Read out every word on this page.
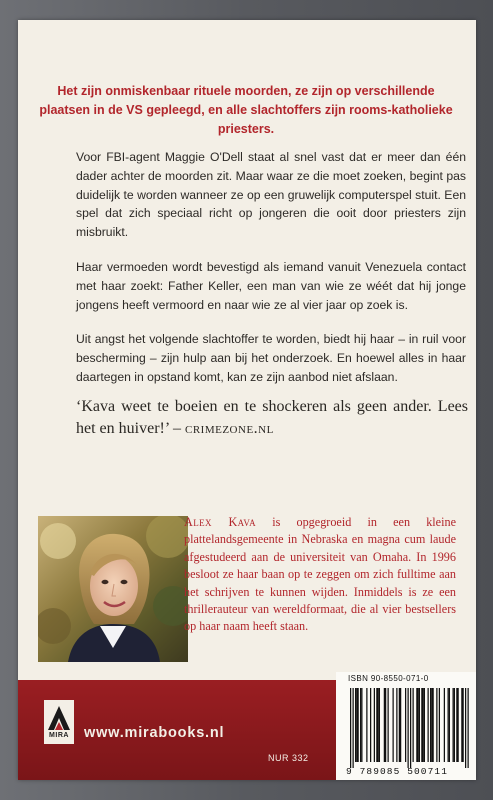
Het zijn onmiskenbaar rituele moorden, ze zijn op verschillende plaatsen in de VS gepleegd, en alle slachtoffers zijn rooms-katholieke priesters.
Voor FBI-agent Maggie O'Dell staat al snel vast dat er meer dan één dader achter de moorden zit. Maar waar ze die moet zoeken, begint pas duidelijk te worden wanneer ze op een gruwelijk computerspel stuit. Een spel dat zich speciaal richt op jongeren die ooit door priesters zijn misbruikt.
Haar vermoeden wordt bevestigd als iemand vanuit Venezuela contact met haar zoekt: Father Keller, een man van wie ze wéét dat hij jonge jongens heeft vermoord en naar wie ze al vier jaar op zoek is.
Uit angst het volgende slachtoffer te worden, biedt hij haar – in ruil voor bescherming – zijn hulp aan bij het onderzoek. En hoewel alles in haar daartegen in opstand komt, kan ze zijn aanbod niet afslaan.
‘Kava weet te boeien en te shockeren als geen ander. Lees het en huiver!’ – crimezone.nl
Alex Kava is opgegroeid in een kleine plattelandsgemeente in Nebraska en magna cum laude afgestudeerd aan de universiteit van Omaha. In 1996 besloot ze haar baan op te zeggen om zich fulltime aan het schrijven te kunnen wijden. Inmiddels is ze een thrillerauteur van wereldformaat, die al vier bestsellers op haar naam heeft staan.
MIRA	www.mirabooks.nl
NUR 332
ISBN 90-8550-071-0
9 789085 500711
